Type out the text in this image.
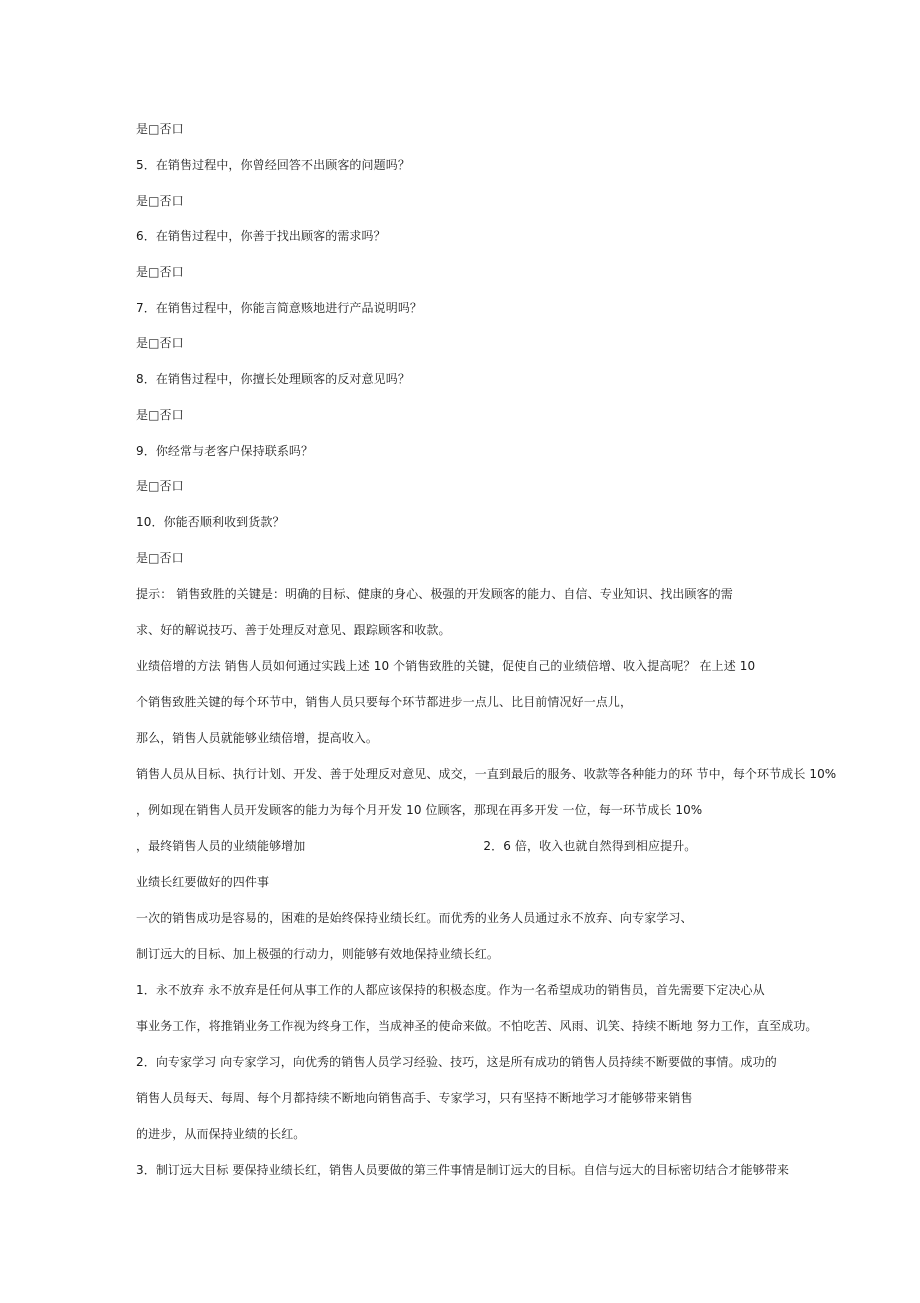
是□否口
5．在销售过程中，你曾经回答不出顾客的问题吗？
是□否口
6．在销售过程中，你善于找出顾客的需求吗？
是□否口
7．在销售过程中，你能言简意赅地进行产品说明吗？
是□否口
8．在销售过程中，你擅长处理顾客的反对意见吗？
是□否口
9．你经常与老客户保持联系吗？
是□否口
10．你能否顺利收到货款？
是□否口
提示： 销售致胜的关键是：明确的目标、健康的身心、极强的开发顾客的能力、自信、专业知识、找出顾客的需
求、好的解说技巧、善于处理反对意见、跟踪顾客和收款。
业绩倍增的方法 销售人员如何通过实践上述 10 个销售致胜的关键，促使自己的业绩倍增、收入提高呢？ 在上述 10
个销售致胜关键的每个环节中，销售人员只要每个环节都进步一点儿、比目前情况好一点儿，
那么，销售人员就能够业绩倍增，提高收入。
销售人员从目标、执行计划、开发、善于处理反对意见、成交，一直到最后的服务、收款等各种能力的环 节中，每个环节成长 10%
，例如现在销售人员开发顾客的能力为每个月开发 10 位顾客，那现在再多开发 一位，每一环节成长 10%
，最终销售人员的业绩能够增加	2．6 倍，收入也就自然得到相应提升。
业绩长红要做好的四件事
一次的销售成功是容易的，困难的是始终保持业绩长红。而优秀的业务人员通过永不放弃、向专家学习、
制订远大的目标、加上极强的行动力，则能够有效地保持业绩长红。
1．永不放弃 永不放弃是任何从事工作的人都应该保持的积极态度。作为一名希望成功的销售员，首先需要下定决心从
事业务工作，将推销业务工作视为终身工作，当成神圣的使命来做。不怕吃苦、风雨、讥笑、持续不断地 努力工作，直至成功。
2．向专家学习 向专家学习，向优秀的销售人员学习经验、技巧，这是所有成功的销售人员持续不断要做的事情。成功的
销售人员每天、每周、每个月都持续不断地向销售高手、专家学习，只有坚持不断地学习才能够带来销售
的进步，从而保持业绩的长红。
3．制订远大目标 要保持业绩长红，销售人员要做的第三件事情是制订远大的目标。自信与远大的目标密切结合才能够带来
